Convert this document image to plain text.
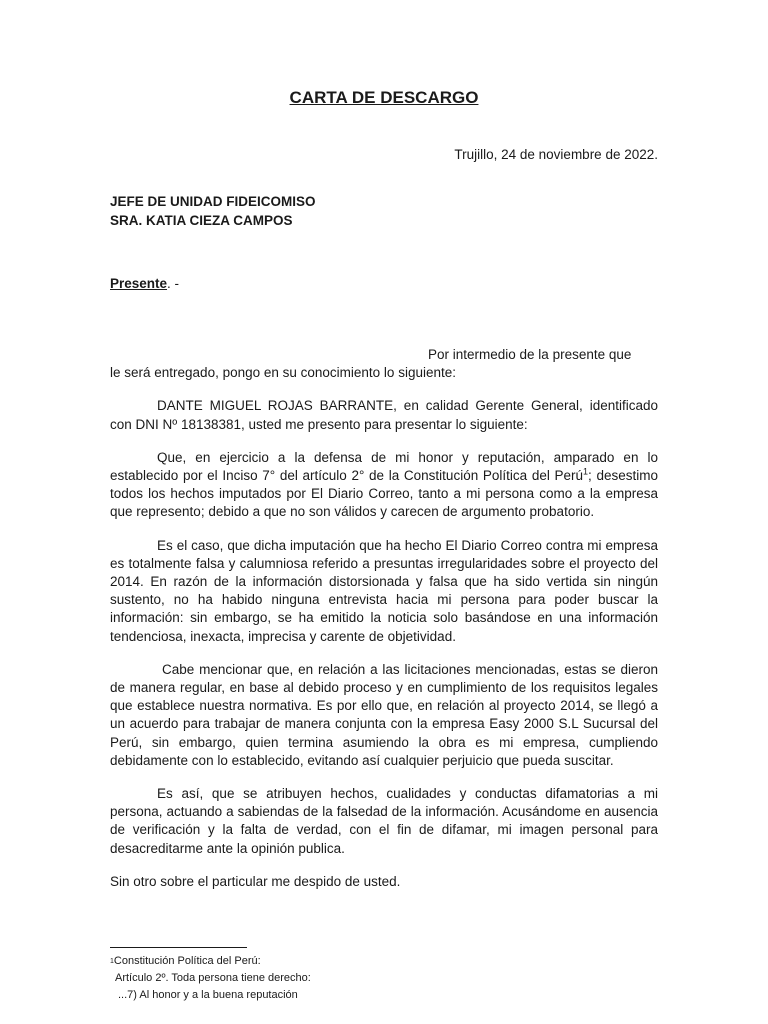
CARTA DE DESCARGO
Trujillo, 24 de noviembre de 2022.
JEFE DE UNIDAD FIDEICOMISO
SRA. KATIA CIEZA CAMPOS
Presente. -

Por intermedio de la presente que
le será entregado, pongo en su conocimiento lo siguiente:

DANTE MIGUEL ROJAS BARRANTE, en calidad Gerente General, identificado con DNI Nº 18138381, usted me presento para presentar lo siguiente:

Que, en ejercicio a la defensa de mi honor y reputación, amparado en lo establecido por el Inciso 7° del artículo 2° de la Constitución Política del Perú$^1$; desestimo todos los hechos imputados por El Diario Correo, tanto a mi persona como a la empresa que represento; debido a que no son válidos y carecen de argumento probatorio.

Es el caso, que dicha imputación que ha hecho El Diario Correo contra mi empresa es totalmente falsa y calumniosa referido a presuntas irregularidades sobre el proyecto del 2014. En razón de la información distorsionada y falsa que ha sido vertida sin ningún sustento, no ha habido ninguna entrevista hacia mi persona para poder buscar la información: sin embargo, se ha emitido la noticia solo basándose en una información tendenciosa, inexacta, imprecisa y carente de objetividad.

Cabe mencionar que, en relación a las licitaciones mencionadas, estas se dieron de manera regular, en base al debido proceso y en cumplimiento de los requisitos legales que establece nuestra normativa. Es por ello que, en relación al proyecto 2014, se llegó a un acuerdo para trabajar de manera conjunta con la empresa Easy 2000 S.L Sucursal del Perú, sin embargo, quien termina asumiendo la obra es mi empresa, cumpliendo debidamente con lo establecido, evitando así cualquier perjuicio que pueda suscitar.

Es así, que se atribuyen hechos, cualidades y conductas difamatorias a mi persona, actuando a sabiendas de la falsedad de la información. Acusándome en ausencia de verificación y la falta de verdad, con el fin de difamar, mi imagen personal para desacreditarme ante la opinión publica.

Sin otro sobre el particular me despido de usted.

$^1$Constitución Política del Perú:
Artículo 2º. Toda persona tiene derecho:
...7) Al honor y a la buena reputación
